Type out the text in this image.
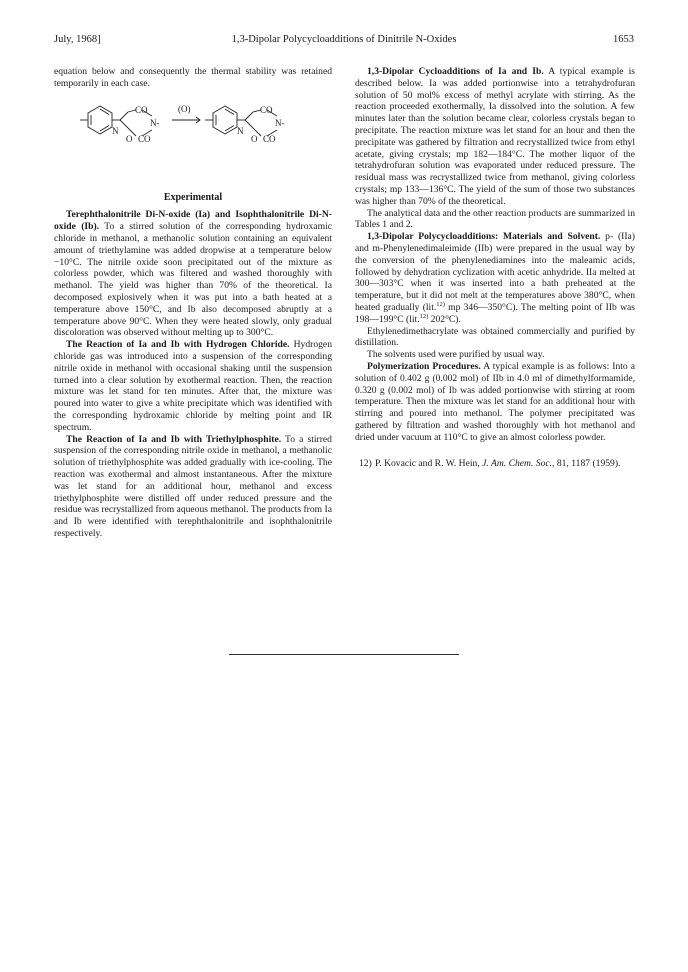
July, 1968]	1,3-Dipolar Polycycloadditions of Dinitrile N-Oxides	1653

equation below and consequently the thermal stability was retained temporarily in each case.

CO
N-
N
O CO
(O)	CO
N-
N
O CO
Experimental

Terephthalonitrile Di-N-oxide (Ia) and Isophthalonitrile Di-N-oxide (Ib). To a stirred solution of the corresponding hydroxamic chloride in methanol, a methanolic solution containing an equivalent amount of triethylamine was added dropwise at a temperature below −10°C. The nitrile oxide soon precipitated out of the mixture as colorless powder, which was filtered and washed thoroughly with methanol. The yield was higher than 70% of the theoretical. Ia decomposed explosively when it was put into a bath heated at a temperature above 150°C, and Ib also decomposed abruptly at a temperature above 90°C. When they were heated slowly, only gradual discoloration was observed without melting up to 300°C.

The Reaction of Ia and Ib with Hydrogen Chloride. Hydrogen chloride gas was introduced into a suspension of the corresponding nitrile oxide in methanol with occasional shaking until the suspension turned into a clear solution by exothermal reaction. Then, the reaction mixture was let stand for ten minutes. After that, the mixture was poured into water to give a white precipitate which was identified with the corresponding hydroxamic chloride by melting point and IR spectrum.

The Reaction of Ia and Ib with Triethylphosphite. To a stirred suspension of the corresponding nitrile oxide in methanol, a methanolic solution of triethylphosphite was added gradually with ice-cooling. The reaction was exothermal and almost instantaneous. After the mixture was let stand for an additional hour, methanol and excess triethylphosphite were distilled off under reduced pressure and the residue was recrystallized from aqueous methanol. The products from Ia and Ib were identified with terephthalonitrile and isophthalonitrile respectively.

1,3-Dipolar Cycloadditions of Ia and Ib. A typical example is described below. Ia was added portionwise into a tetrahydrofuran solution of 50 mol% excess of methyl acrylate with stirring. As the reaction proceeded exothermally, Ia dissolved into the solution. A few minutes later than the solution became clear, colorless crystals began to precipitate. The reaction mixture was let stand for an hour and then the precipitate was gathered by filtration and recrystallized twice from ethyl acetate, giving crystals; mp 182—184°C. The mother liquor of the tetrahydrofuran solution was evaporated under reduced pressure. The residual mass was recrystallized twice from methanol, giving colorless crystals; mp 133—136°C. The yield of the sum of those two substances was higher than 70% of the theoretical.

The analytical data and the other reaction products are summarized in Tables 1 and 2.

1,3-Dipolar Polycycloadditions: Materials and Solvent. p- (IIa) and m-Phenylenedimaleimide (IIb) were prepared in the usual way by the conversion of the phenylenediamines into the maleamic acids, followed by dehydration cyclization with acetic anhydride. IIa melted at 300—303°C when it was inserted into a bath preheated at the temperature, but it did not melt at the temperatures above 380°C, when heated gradually (lit.$^{12)}$ mp 346—350°C). The melting point of IIb was 198—199°C (lit.$^{12)}$ 202°C).

Ethylenedimethacrylate was obtained commercially and purified by distillation.

The solvents used were purified by usual way.

Polymerization Procedures. A typical example is as follows: Into a solution of 0.402 g (0.002 mol) of IIb in 4.0 ml of dimethylformamide, 0.320 g (0.002 mol) of Ib was added portionwise with stirring at room temperature. Then the mixture was let stand for an additional hour with stirring and poured into methanol. The polymer precipitated was gathered by filtration and washed thoroughly with hot methanol and dried under vacuum at 110°C to give an almost colorless powder.

12) P. Kovacic and R. W. Hein, J. Am. Chem. Soc., 81, 1187 (1959).
